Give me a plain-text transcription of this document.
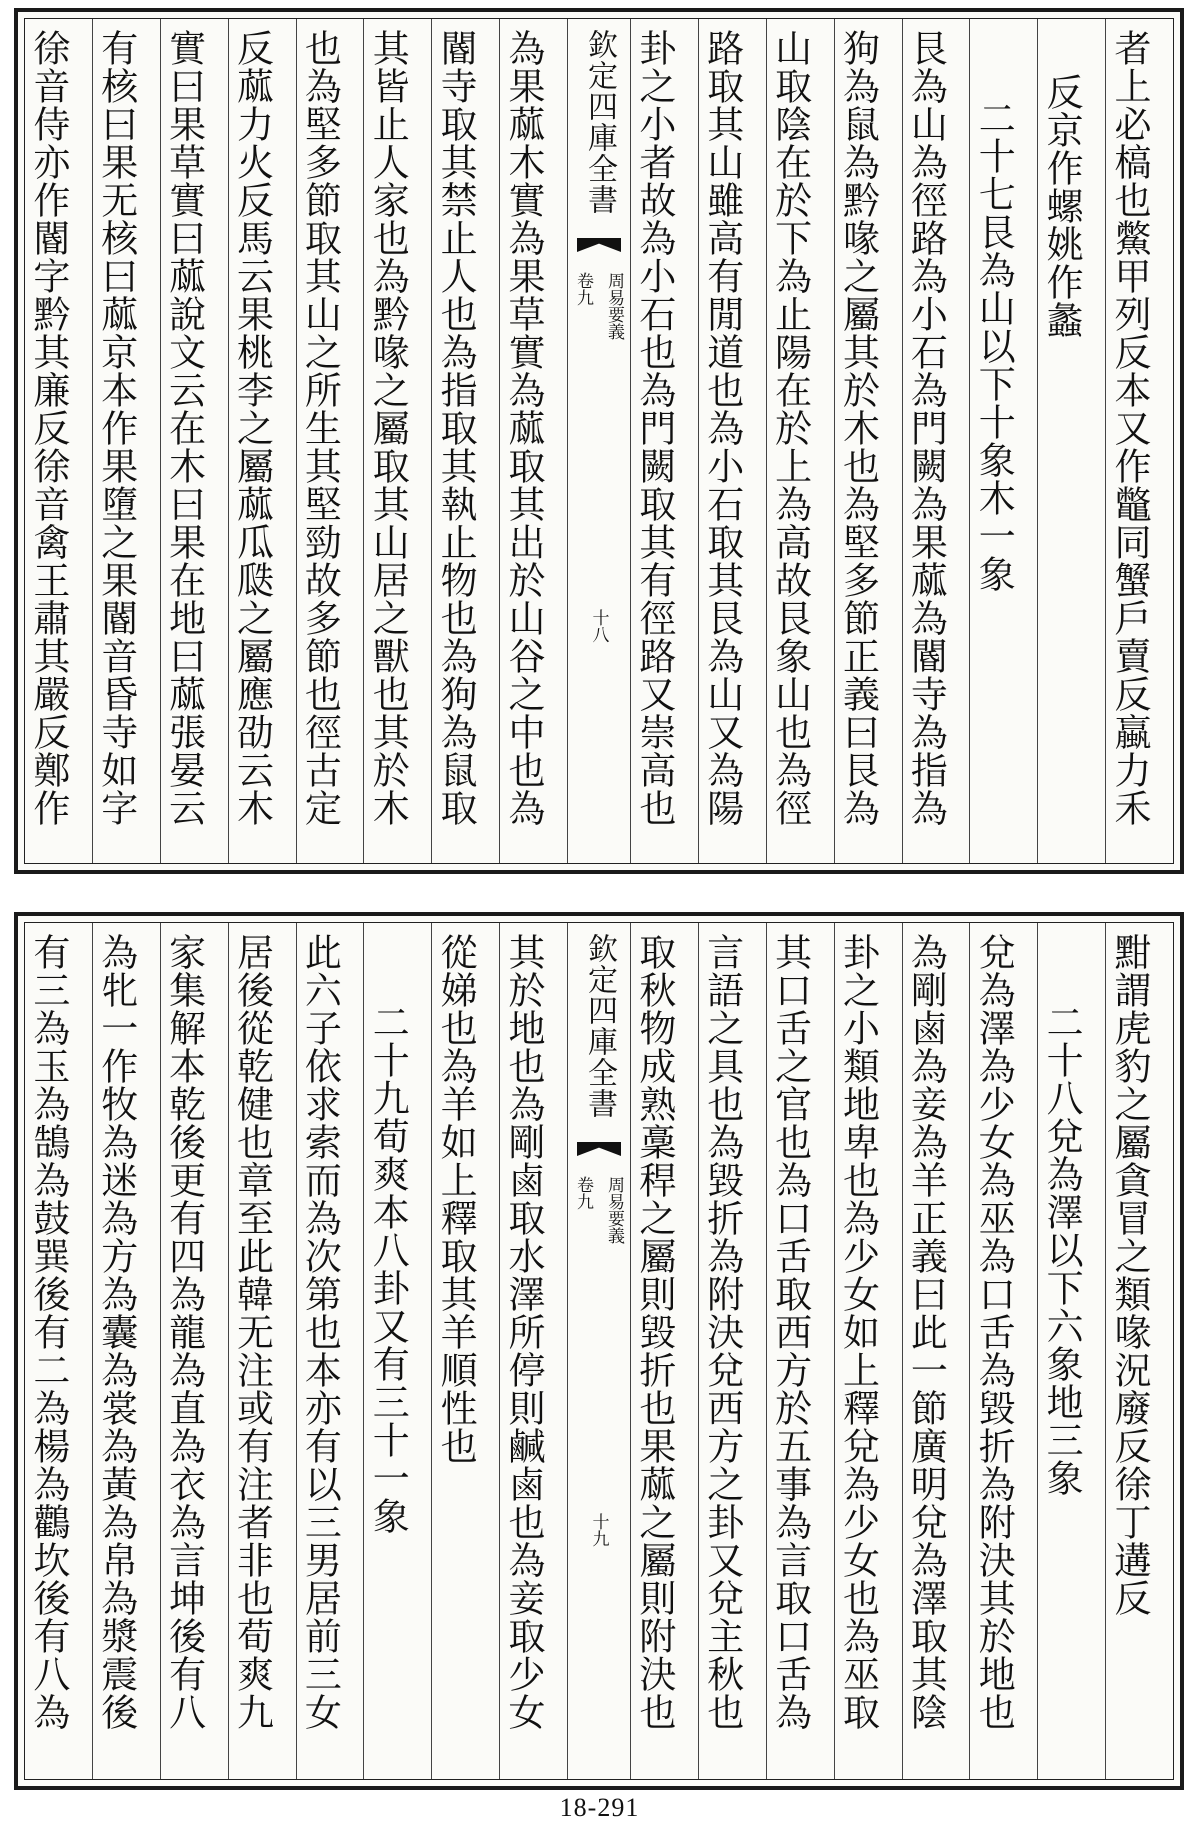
者上必槁也鱉甲列反本又作鼈同蟹戶賣反蠃力禾
反京作螺姚作蠡
二十七艮為山以下十象木一象
艮為山為徑路為小石為門闕為果蓏為閽寺為指為
狗為鼠為黔喙之屬其於木也為堅多節正義曰艮為
山取陰在於下為止陽在於上為高故艮象山也為徑
路取其山雖高有閒道也為小石取其艮為山又為陽
卦之小者故為小石也為門闕取其有徑路又崇高也
欽定四庫全書
周易要義
卷九
十八
為果蓏木實為果草實為蓏取其出於山谷之中也為
閽寺取其禁止人也為指取其執止物也為狗為鼠取
其皆止人家也為黔喙之屬取其山居之獸也其於木
也為堅多節取其山之所生其堅勁故多節也徑古定
反蓏力火反馬云果桃李之屬蓏瓜瓞之屬應劭云木
實曰果草實曰蓏說文云在木曰果在地曰蓏張晏云
有核曰果无核曰蓏京本作果墮之果閽音昏寺如字
徐音侍亦作閽字黔其廉反徐音禽王肅其嚴反鄭作
黚謂虎豹之屬貪冒之類喙況廢反徐丁遘反
二十八兌為澤以下六象地三象
兌為澤為少女為巫為口舌為毀折為附決其於地也
為剛鹵為妾為羊正義曰此一節廣明兌為澤取其陰
卦之小類地卑也為少女如上釋兌為少女也為巫取
其口舌之官也為口舌取西方於五事為言取口舌為
言語之具也為毀折為附決兌西方之卦又兌主秋也
取秋物成熟稾稈之屬則毀折也果蓏之屬則附決也
欽定四庫全書
周易要義
卷九
十九
其於地也為剛鹵取水澤所停則鹹鹵也為妾取少女
從娣也為羊如上釋取其羊順性也
二十九荀爽本八卦又有三十一象
此六子依求索而為次第也本亦有以三男居前三女
居後從乾健也章至此韓无注或有注者非也荀爽九
家集解本乾後更有四為龍為直為衣為言坤後有八
為牝一作牧為迷為方為囊為裳為黃為帛為漿震後
有三為玉為鵠為鼓巽後有二為楊為鸛坎後有八為
18-291
